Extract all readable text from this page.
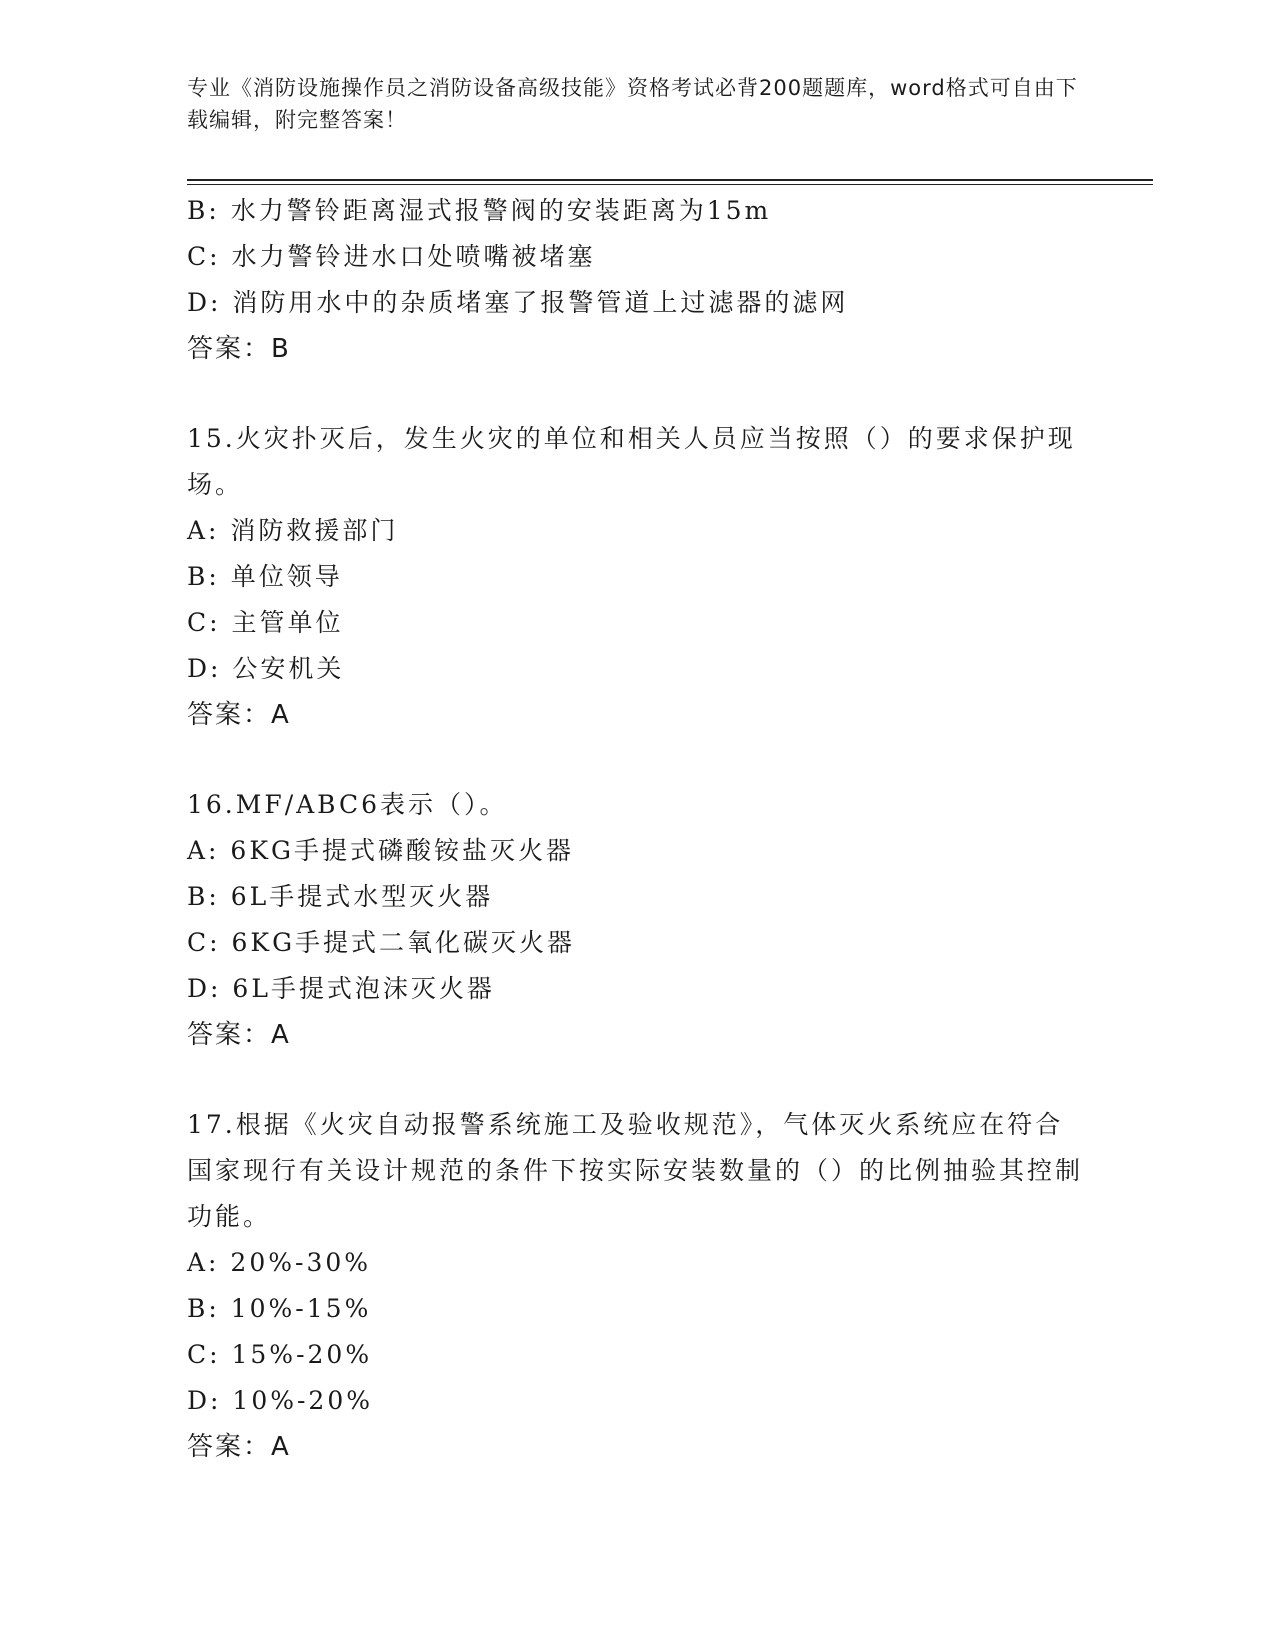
专业《消防设施操作员之消防设备高级技能》资格考试必背200题题库，word格式可自由下载编辑，附完整答案！
B: 水力警铃距离湿式报警阀的安装距离为15m
C: 水力警铃进水口处喷嘴被堵塞
D: 消防用水中的杂质堵塞了报警管道上过滤器的滤网
答案：B
15.火灾扑灭后，发生火灾的单位和相关人员应当按照（）的要求保护现场。
A: 消防救援部门
B: 单位领导
C: 主管单位
D: 公安机关
答案：A
16.MF/ABC6表示（）。
A: 6KG手提式磷酸铵盐灭火器
B: 6L手提式水型灭火器
C: 6KG手提式二氧化碳灭火器
D: 6L手提式泡沫灭火器
答案：A
17.根据《火灾自动报警系统施工及验收规范》，气体灭火系统应在符合国家现行有关设计规范的条件下按实际安装数量的（）的比例抽验其控制功能。
A: 20%-30%
B: 10%-15%
C: 15%-20%
D: 10%-20%
答案：A
